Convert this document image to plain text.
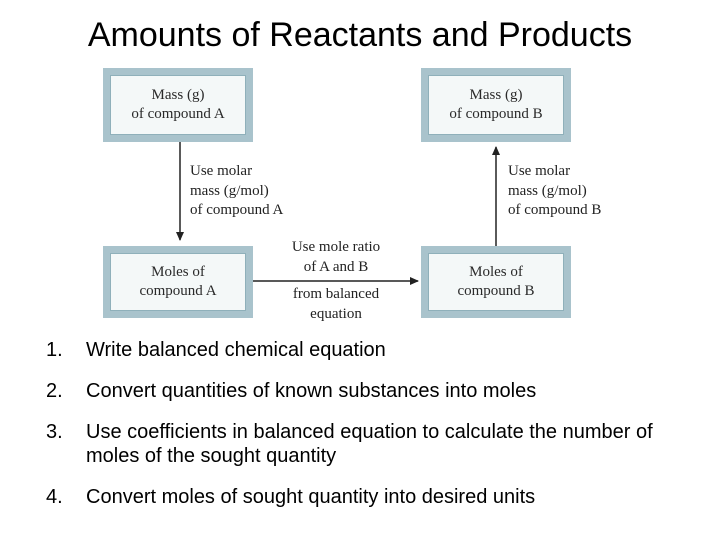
Amounts of Reactants and Products
Mass (g)
of compound A
Mass (g)
of compound B
Moles of
compound A
Moles of
compound B
Use molar
mass (g/mol)
of compound A
Use molar
mass (g/mol)
of compound B
Use mole ratio
of A and B
from balanced
equation
1.	Write balanced chemical equation
2.	Convert quantities of known substances into moles
3.	Use coefficients in balanced equation to calculate the number of moles of the sought quantity
4.	Convert moles of sought quantity into desired units
